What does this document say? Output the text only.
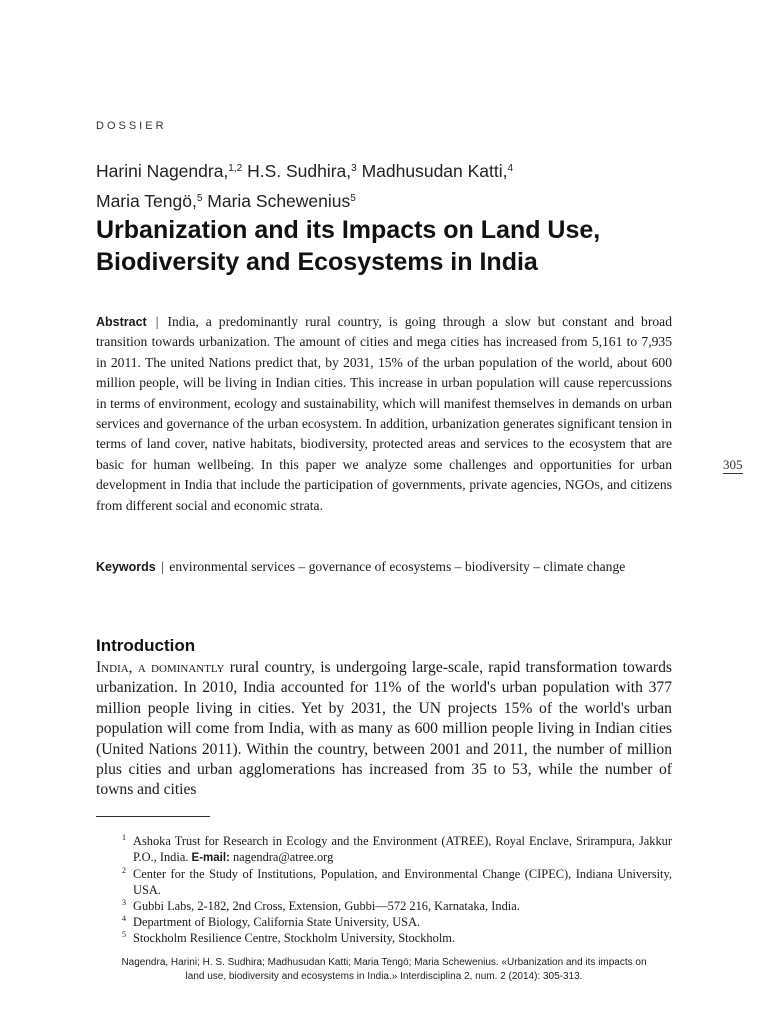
DOSSIER
Harini Nagendra,$^{1,2}$ H.S. Sudhira,$^3$ Madhusudan Katti,$^4$
Maria Tengö,$^5$ Maria Schewenius$^5$
Urbanization and its Impacts on Land Use,
Biodiversity and Ecosystems in India

Abstract | India, a predominantly rural country, is going through a slow but constant and broad transition towards urbanization. The amount of cities and mega cities has increased from 5,161 to 7,935 in 2011. The united Nations predict that, by 2031, 15% of the urban population of the world, about 600 million people, will be living in Indian cities. This increase in urban population will cause repercussions in terms of environment, ecology and sustainability, which will manifest themselves in demands on urban services and governance of the urban ecosystem. In addition, urbanization generates significant tension in terms of land cover, native habitats, biodiversity, protected areas and services to the ecosystem that are basic for human wellbeing. In this paper we analyze some challenges and opportunities for urban development in India that include the participation of governments, private agencies, NGOs, and citizens from different social and economic strata.

Keywords | environmental services – governance of ecosystems – biodiversity – climate change

Introduction

India, a dominantly rural country, is undergoing large-scale, rapid transformation towards urbanization. In 2010, India accounted for 11% of the world's urban population with 377 million people living in cities. Yet by 2031, the UN projects 15% of the world's urban population will come from India, with as many as 600 million people living in Indian cities (United Nations 2011). Within the country, between 2001 and 2011, the number of million plus cities and urban agglomerations has increased from 35 to 53, while the number of towns and cities

1 Ashoka Trust for Research in Ecology and the Environment (ATREE), Royal Enclave, Srirampura, Jakkur P.O., India. E-mail: nagendra@atree.org
2 Center for the Study of Institutions, Population, and Environmental Change (CIPEC), Indiana University, USA.
3 Gubbi Labs, 2-182, 2nd Cross, Extension, Gubbi—572 216, Karnataka, India.
4 Department of Biology, California State University, USA.
5 Stockholm Resilience Centre, Stockholm University, Stockholm.
Nagendra, Harini; H. S. Sudhira; Madhusudan Katti; Maria Tengö; Maria Schewenius. «Urbanization and its impacts on
land use, biodiversity and ecosystems in India.» Interdisciplina 2, num. 2 (2014): 305-313.
305
